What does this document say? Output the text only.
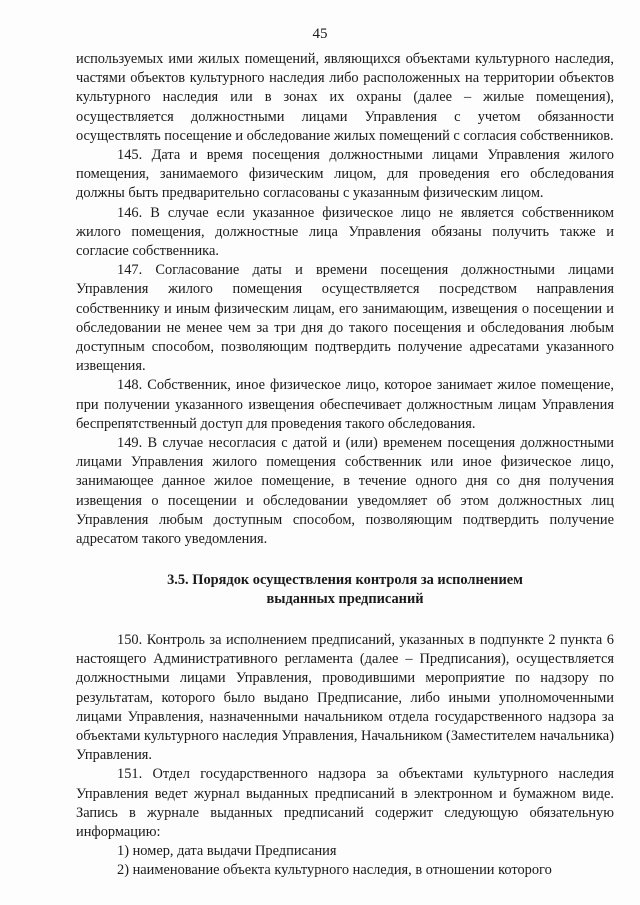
45

используемых ими жилых помещений, являющихся объектами культурного наследия, частями объектов культурного наследия либо расположенных на территории объектов культурного наследия или в зонах их охраны (далее – жилые помещения), осуществляется должностными лицами Управления с учетом обязанности осуществлять посещение и обследование жилых помещений с согласия собственников.

145. Дата и время посещения должностными лицами Управления жилого помещения, занимаемого физическим лицом, для проведения его обследования должны быть предварительно согласованы с указанным физическим лицом.

146. В случае если указанное физическое лицо не является собственником жилого помещения, должностные лица Управления обязаны получить также и согласие собственника.

147. Согласование даты и времени посещения должностными лицами Управления жилого помещения осуществляется посредством направления собственнику и иным физическим лицам, его занимающим, извещения о посещении и обследовании не менее чем за три дня до такого посещения и обследования любым доступным способом, позволяющим подтвердить получение адресатами указанного извещения.

148. Собственник, иное физическое лицо, которое занимает жилое помещение, при получении указанного извещения обеспечивает должностным лицам Управления беспрепятственный доступ для проведения такого обследования.

149. В случае несогласия с датой и (или) временем посещения должностными лицами Управления жилого помещения собственник или иное физическое лицо, занимающее данное жилое помещение, в течение одного дня со дня получения извещения о посещении и обследовании уведомляет об этом должностных лиц Управления любым доступным способом, позволяющим подтвердить получение адресатом такого уведомления.

3.5. Порядок осуществления контроля за исполнением
выданных предписаний

150. Контроль за исполнением предписаний, указанных в подпункте 2 пункта 6 настоящего Административного регламента (далее – Предписания), осуществляется должностными лицами Управления, проводившими мероприятие по надзору по результатам, которого было выдано Предписание, либо иными уполномоченными лицами Управления, назначенными начальником отдела государственного надзора за объектами культурного наследия Управления, Начальником (Заместителем начальника) Управления.

151. Отдел государственного надзора за объектами культурного наследия Управления ведет журнал выданных предписаний в электронном и бумажном виде. Запись в журнале выданных предписаний содержит следующую обязательную информацию:

1) номер, дата выдачи Предписания

2) наименование объекта культурного наследия, в отношении которого
